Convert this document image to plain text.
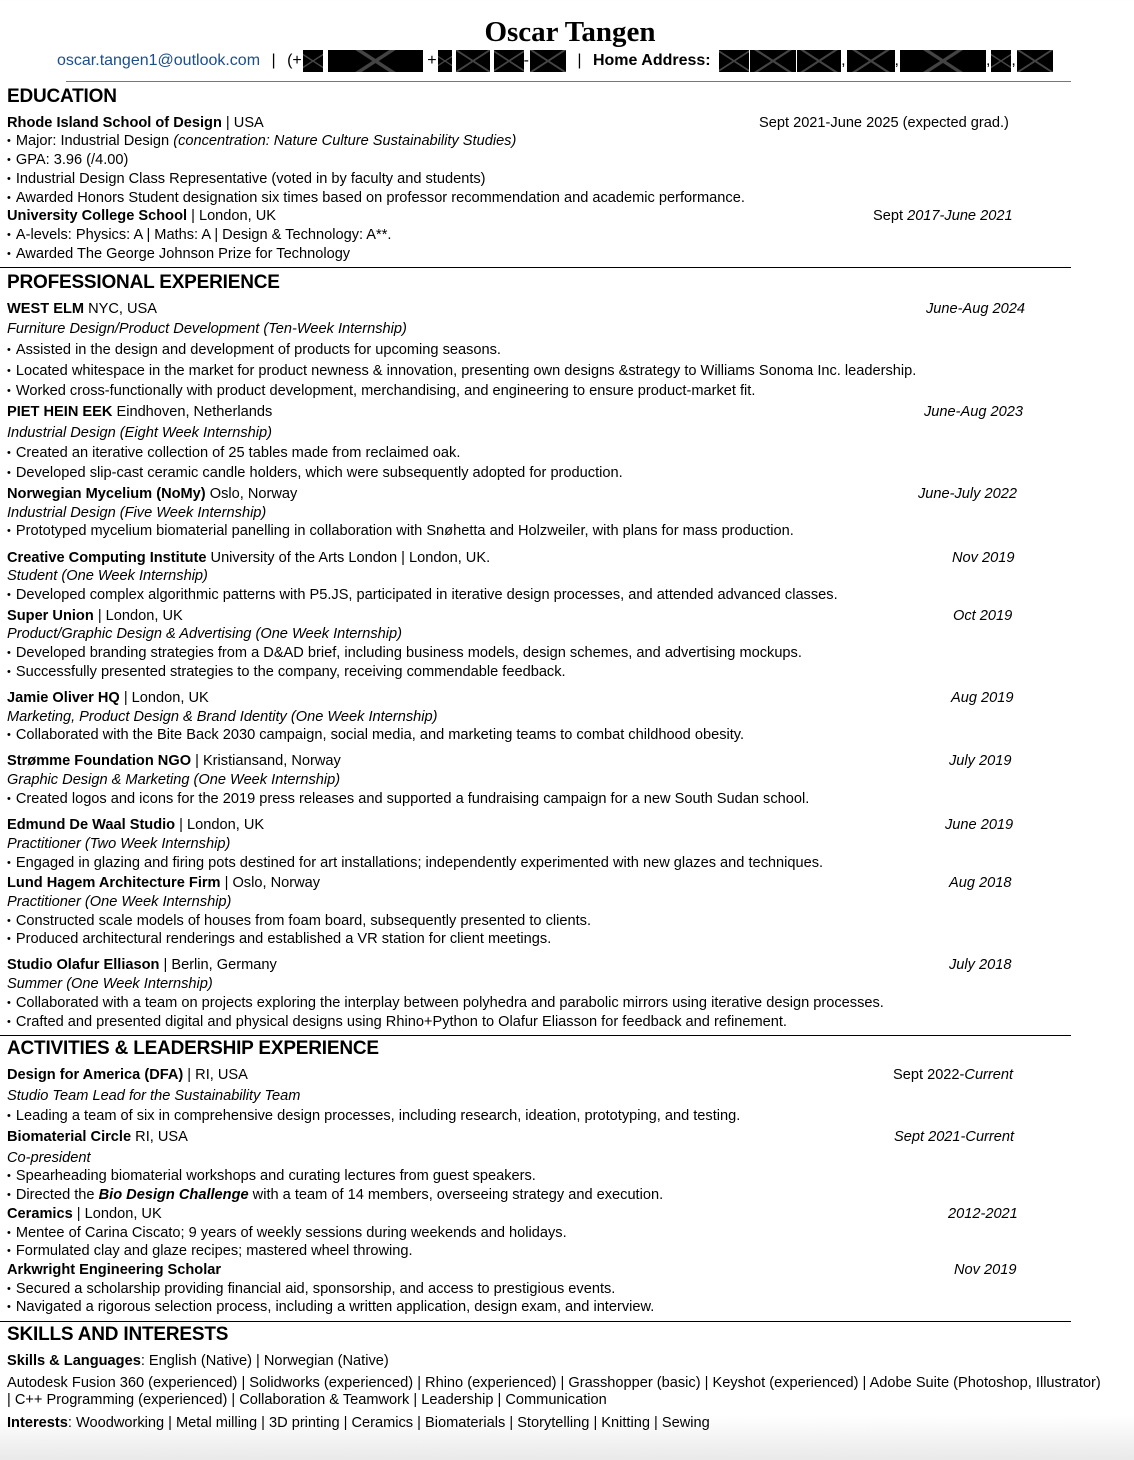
Oscar Tangen
oscar.tangen1@outlook.com | (+	+	-	| Home Address:	,	,	, ,
EDUCATION
Rhode Island School of Design | USA	Sept 2021-June 2025 (expected grad.)
• Major: Industrial Design (concentration: Nature Culture Sustainability Studies)
• GPA: 3.96 (/4.00)
• Industrial Design Class Representative (voted in by faculty and students)
• Awarded Honors Student designation six times based on professor recommendation and academic performance.
University College School | London, UK	Sept 2017-June 2021
• A-levels: Physics: A | Maths: A | Design & Technology: A**.
• Awarded The George Johnson Prize for Technology
PROFESSIONAL EXPERIENCE
WEST ELM NYC, USA	June-Aug 2024
Furniture Design/Product Development (Ten-Week Internship)
• Assisted in the design and development of products for upcoming seasons.
• Located whitespace in the market for product newness & innovation, presenting own designs &strategy to Williams Sonoma Inc. leadership.
• Worked cross-functionally with product development, merchandising, and engineering to ensure product-market fit.
PIET HEIN EEK Eindhoven, Netherlands	June-Aug 2023
Industrial Design (Eight Week Internship)
• Created an iterative collection of 25 tables made from reclaimed oak.
• Developed slip-cast ceramic candle holders, which were subsequently adopted for production.
Norwegian Mycelium (NoMy) Oslo, Norway	June-July 2022
Industrial Design (Five Week Internship)
• Prototyped mycelium biomaterial panelling in collaboration with Snøhetta and Holzweiler, with plans for mass production.
Creative Computing Institute University of the Arts London | London, UK.	Nov 2019
Student (One Week Internship)
• Developed complex algorithmic patterns with P5.JS, participated in iterative design processes, and attended advanced classes.
Super Union | London, UK	Oct 2019
Product/Graphic Design & Advertising (One Week Internship)
• Developed branding strategies from a D&AD brief, including business models, design schemes, and advertising mockups.
• Successfully presented strategies to the company, receiving commendable feedback.
Jamie Oliver HQ | London, UK	Aug 2019
Marketing, Product Design & Brand Identity (One Week Internship)
• Collaborated with the Bite Back 2030 campaign, social media, and marketing teams to combat childhood obesity.
Strømme Foundation NGO | Kristiansand, Norway	July 2019
Graphic Design & Marketing (One Week Internship)
• Created logos and icons for the 2019 press releases and supported a fundraising campaign for a new South Sudan school.
Edmund De Waal Studio | London, UK	June 2019
Practitioner (Two Week Internship)
• Engaged in glazing and firing pots destined for art installations; independently experimented with new glazes and techniques.
Lund Hagem Architecture Firm | Oslo, Norway	Aug 2018
Practitioner (One Week Internship)
• Constructed scale models of houses from foam board, subsequently presented to clients.
• Produced architectural renderings and established a VR station for client meetings.
Studio Olafur Elliason | Berlin, Germany	July 2018
Summer (One Week Internship)
• Collaborated with a team on projects exploring the interplay between polyhedra and parabolic mirrors using iterative design processes.
• Crafted and presented digital and physical designs using Rhino+Python to Olafur Eliasson for feedback and refinement.
ACTIVITIES & LEADERSHIP EXPERIENCE
Design for America (DFA) | RI, USA	Sept 2022-Current
Studio Team Lead for the Sustainability Team
• Leading a team of six in comprehensive design processes, including research, ideation, prototyping, and testing.
Biomaterial Circle RI, USA	Sept 2021-Current
Co-president
• Spearheading biomaterial workshops and curating lectures from guest speakers.
• Directed the Bio Design Challenge with a team of 14 members, overseeing strategy and execution.
Ceramics | London, UK	2012-2021
• Mentee of Carina Ciscato; 9 years of weekly sessions during weekends and holidays.
• Formulated clay and glaze recipes; mastered wheel throwing.
Arkwright Engineering Scholar	Nov 2019
• Secured a scholarship providing financial aid, sponsorship, and access to prestigious events.
• Navigated a rigorous selection process, including a written application, design exam, and interview.
SKILLS AND INTERESTS
Skills & Languages: English (Native) | Norwegian (Native)
Autodesk Fusion 360 (experienced) | Solidworks (experienced) | Rhino (experienced) | Grasshopper (basic) | Keyshot (experienced) | Adobe Suite (Photoshop, Illustrator)
| C++ Programming (experienced) | Collaboration & Teamwork | Leadership | Communication
Interests: Woodworking | Metal milling | 3D printing | Ceramics | Biomaterials | Storytelling | Knitting | Sewing
